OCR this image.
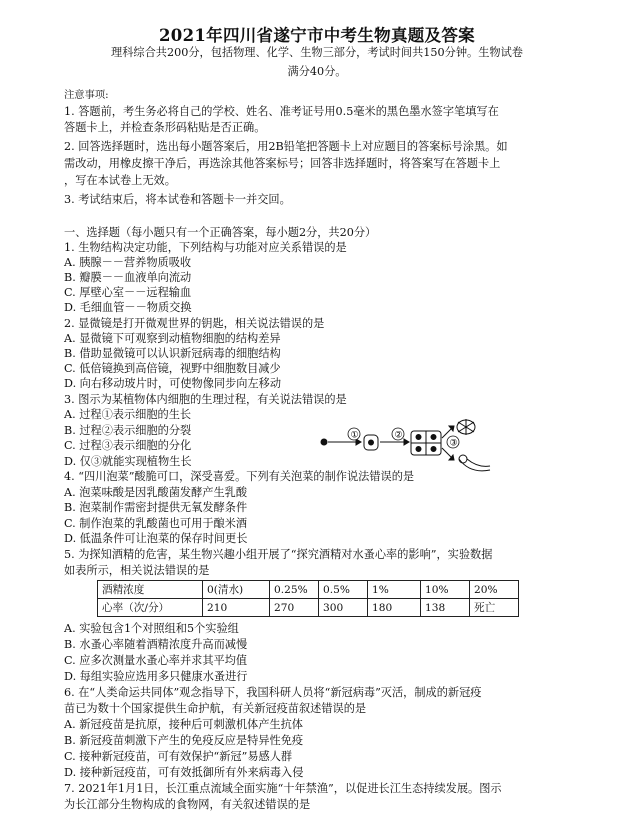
2021年四川省遂宁市中考生物真题及答案
理科综合共200分，包括物理、化学、生物三部分，考试时间共150分钟。生物试卷
满分40分。
注意事项:
1. 答题前，考生务必将自己的学校、姓名、准考证号用0.5毫米的黑色墨水签字笔填写在
答题卡上，并检查条形码粘贴是否正确。
2. 回答选择题时，选出每小题答案后，用2B铅笔把答题卡上对应题目的答案标号涂黑。如
需改动，用橡皮擦干净后，再选涂其他答案标号；回答非选择题时，将答案写在答题卡上
，写在本试卷上无效。
3. 考试结束后，将本试卷和答题卡一并交回。
一、选择题（每小题只有一个正确答案，每小题2分，共20分）
1. 生物结构决定功能，下列结构与功能对应关系错误的是
A. 胰腺－－营养物质吸收
B. 瓣膜－－血液单向流动
C. 厚壁心室－－远程输血
D. 毛细血管－－物质交换
2. 显微镜是打开微观世界的钥匙，相关说法错误的是
A. 显微镜下可观察到动植物细胞的结构差异
B. 借助显微镜可以认识新冠病毒的细胞结构
C. 低倍镜换到高倍镜，视野中细胞数目减少
D. 向右移动玻片时，可使物像同步向左移动
3. 图示为某植物体内细胞的生理过程，有关说法错误的是
A. 过程①表示细胞的生长
B. 过程②表示细胞的分裂
C. 过程③表示细胞的分化
D. 仅③就能实现植物生长
①	②
③
4. “四川泡菜”酸脆可口，深受喜爱。下列有关泡菜的制作说法错误的是
A. 泡菜味酸是因乳酸菌发酵产生乳酸
B. 泡菜制作需密封提供无氧发酵条件
C. 制作泡菜的乳酸菌也可用于酿米酒
D. 低温条件可让泡菜的保存时间更长
5. 为探知酒精的危害，某生物兴趣小组开展了“探究酒精对水蚤心率的影响”，实验数据
如表所示，相关说法错误的是
酒精浓度	0(清水)	0.25%	0.5%	1%	10%	20%
心率（次/分）	210	270	300	180	138	死亡
A. 实验包含1个对照组和5个实验组
B. 水蚤心率随着酒精浓度升高而减慢
C. 应多次测量水蚤心率并求其平均值
D. 每组实验应选用多只健康水蚤进行
6. 在“人类命运共同体”观念指导下，我国科研人员将“新冠病毒”灭活，制成的新冠疫
苗已为数十个国家提供生命护航，有关新冠疫苗叙述错误的是
A. 新冠疫苗是抗原，接种后可刺激机体产生抗体
B. 新冠疫苗刺激下产生的免疫反应是特异性免疫
C. 接种新冠疫苗，可有效保护“新冠”易感人群
D. 接种新冠疫苗，可有效抵御所有外来病毒入侵
7. 2021年1月1日，长江重点流域全面实施“十年禁渔”，以促进长江生态持续发展。图示
为长江部分生物构成的食物网，有关叙述错误的是
